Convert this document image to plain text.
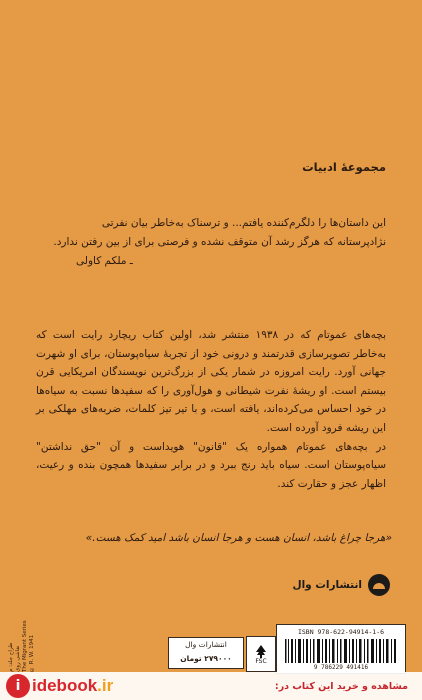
مجموعهٔ ادبیات
این داستان‌ها را دلگرم‌کننده یافتم... و ترسناک به‌خاطر بیان نفرتی
نژادپرستانه که هرگز رشد آن متوقف نشده و فرصتی برای از بین رفتن ندارد.
ـ ملکم کاولی

بچه‌های عموتام که در ۱۹۳۸ منتشر شد، اولین کتاب ریچارد رایت است که به‌خاطر تصویرسازی قدرتمند و درونی خود از تجربهٔ سیاه‌پوستان، برای او شهرت جهانی آورد. رایت امروزه در شمار یکی از بزرگ‌ترین نویسندگان امریکایی قرن بیستم است. او ریشهٔ نفرت شیطانی و هول‌آوری را که سفیدها نسبت به سیاه‌ها در خود احساس می‌کرده‌اند، یافته است، و با تیر تیز کلمات، ضربه‌های مهلکی بر این ریشه فرود آورده است.

در بچه‌های عموتام همواره یک "قانون" هویداست و آن "حق نداشتن" سیاه‌پوستان است. سیاه باید رنج ببرد و در برابر سفیدها همچون بنده و رعیت، اظهار عجز و حقارت کند.

«هرجا چراغ باشد، انسان هست و هرجا انسان باشد امید کمک هست.»
انتشارات وال
طراح جلد: م نقاشی روی The Migrant Series © R. W. 1941	انتشارات وال
۲۷۹۰۰۰ تومان	FSC
ISBN 978-622-94914-1-6
9 786229 491416
i idebook.ir	مشاهده و خرید این کتاب در:
